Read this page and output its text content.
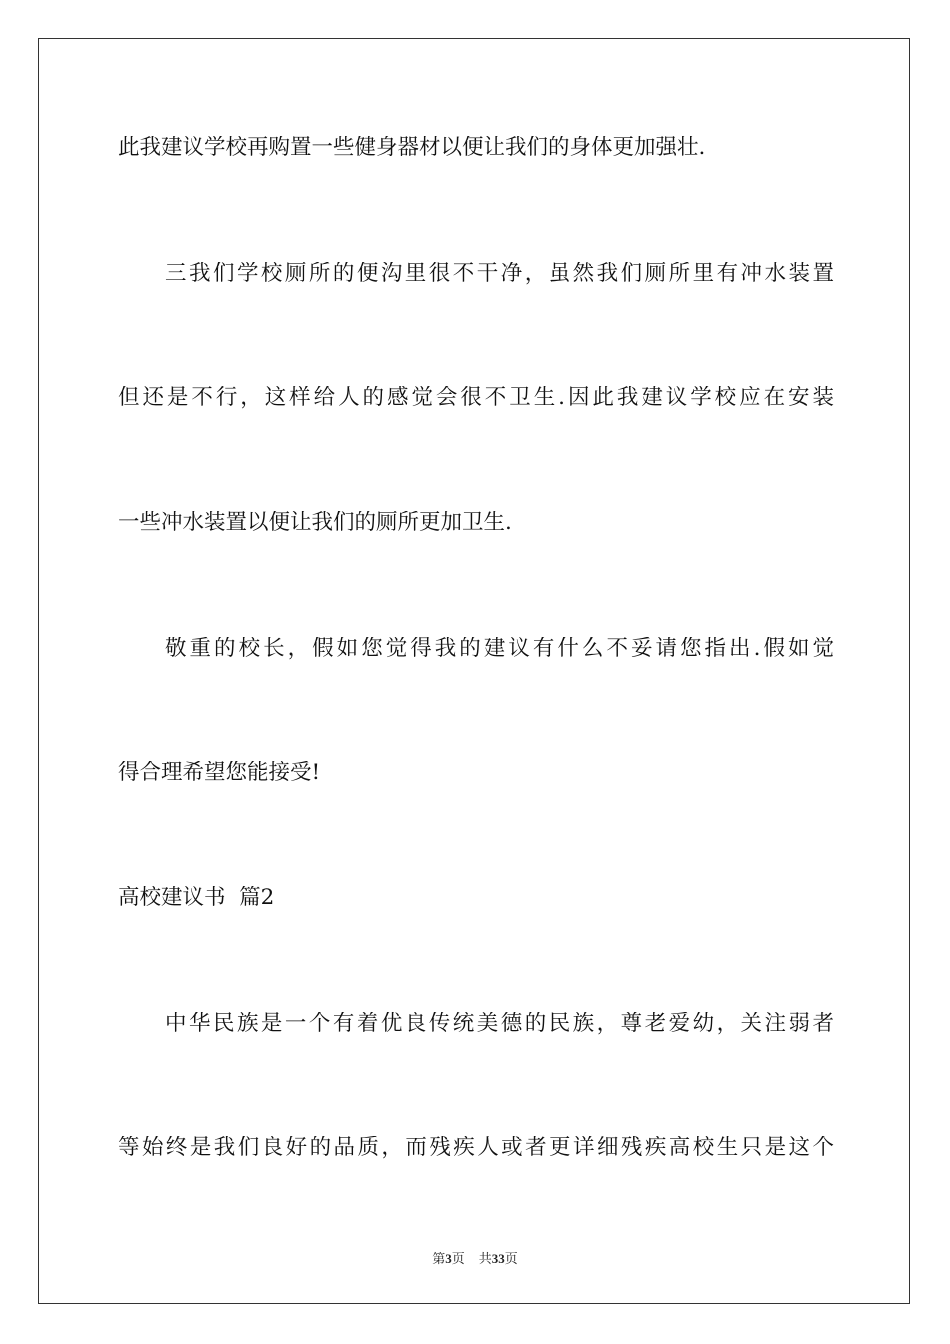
此我建议学校再购置一些健身器材以便让我们的身体更加强壮.
三我们学校厕所的便沟里很不干净，虽然我们厕所里有冲水装置
但还是不行，这样给人的感觉会很不卫生.因此我建议学校应在安装
一些冲水装置以便让我们的厕所更加卫生.
敬重的校长，假如您觉得我的建议有什么不妥请您指出.假如觉
得合理希望您能接受!
高校建议书  篇2
中华民族是一个有着优良传统美德的民族，尊老爱幼，关注弱者
等始终是我们良好的品质，而残疾人或者更详细残疾高校生只是这个
第3页 共33页
